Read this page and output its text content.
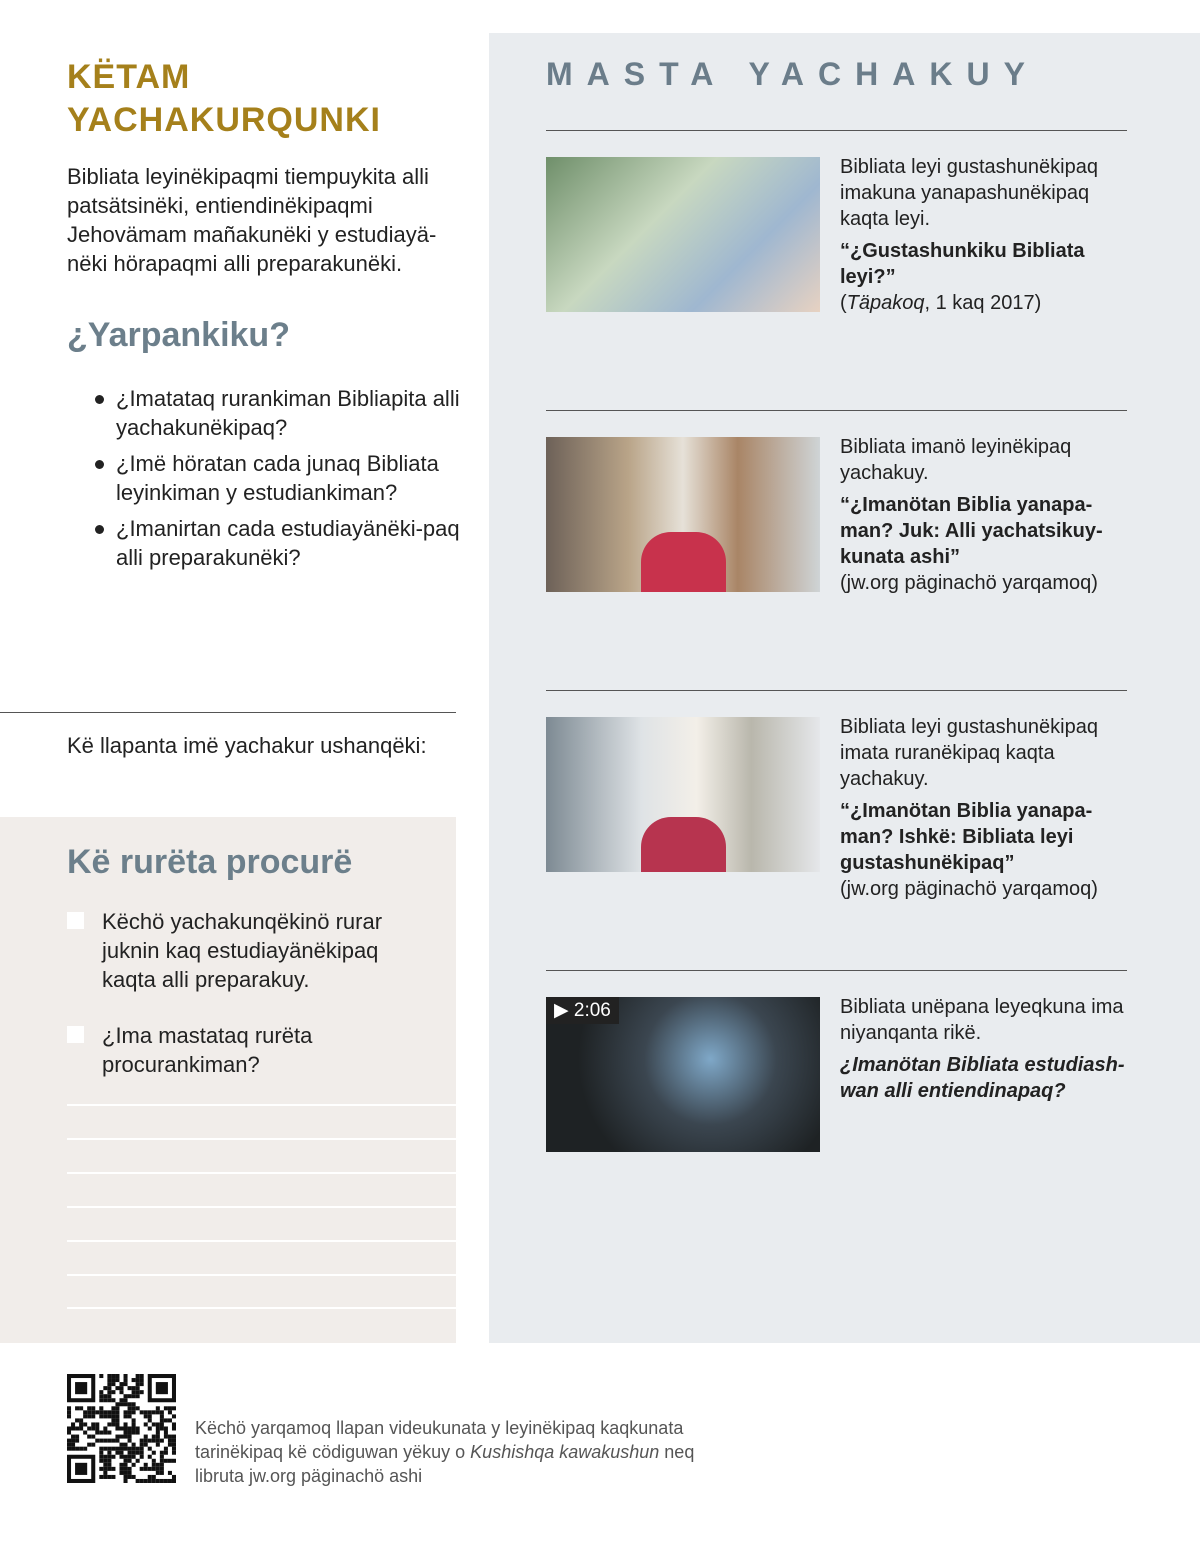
KËTAM
YACHAKURQUNKI

Bibliata leyinëkipaqmi tiempuykita alli patsätsinëki, entiendinëkipaqmi Jehovämam mañakunëki y estudiayä-nëki hörapaqmi alli preparakunëki.

¿Yarpankiku?
¿Imatataq rurankiman Bibliapita alli yachakunëkipaq?
¿Imë höratan cada junaq Bibliata leyinkiman y estudiankiman?
¿Imanirtan cada estudiayänëki-paq alli preparakunëki?
Kë llapanta imë yachakur ushanqëki:
Kë rurëta procurë
Këchö yachakunqëkinö rurar juknin kaq estudiayänëkipaq kaqta alli preparakuy.
¿Ima mastataq rurëta procurankiman?
MASTA YACHAKUY
Bibliata leyi gustashunëkipaq imakuna yanapashunëkipaq kaqta leyi.
“¿Gustashunkiku Bibliata leyi?”
(Täpakoq, 1 kaq 2017)
Bibliata imanö leyinëkipaq yachakuy.
“¿Imanötan Biblia yanapa-man? Juk: Alli yachatsikuy-kunata ashi”
(jw.org päginachö yarqamoq)
Bibliata leyi gustashunëkipaq imata ruranëkipaq kaqta yachakuy.
“¿Imanötan Biblia yanapa-man? Ishkë: Bibliata leyi gustashunëkipaq”
(jw.org päginachö yarqamoq)
▶ 2:06	Bibliata unëpana leyeqkuna ima niyanqanta rikë.
¿Imanötan Bibliata estudiash-wan alli entiendinapaq?
Këchö yarqamoq llapan videukunata y leyinëkipaq kaqkunata
tarinëkipaq kë cödiguwan yëkuy o Kushishqa kawakushun neq
libruta jw.org päginachö ashi
